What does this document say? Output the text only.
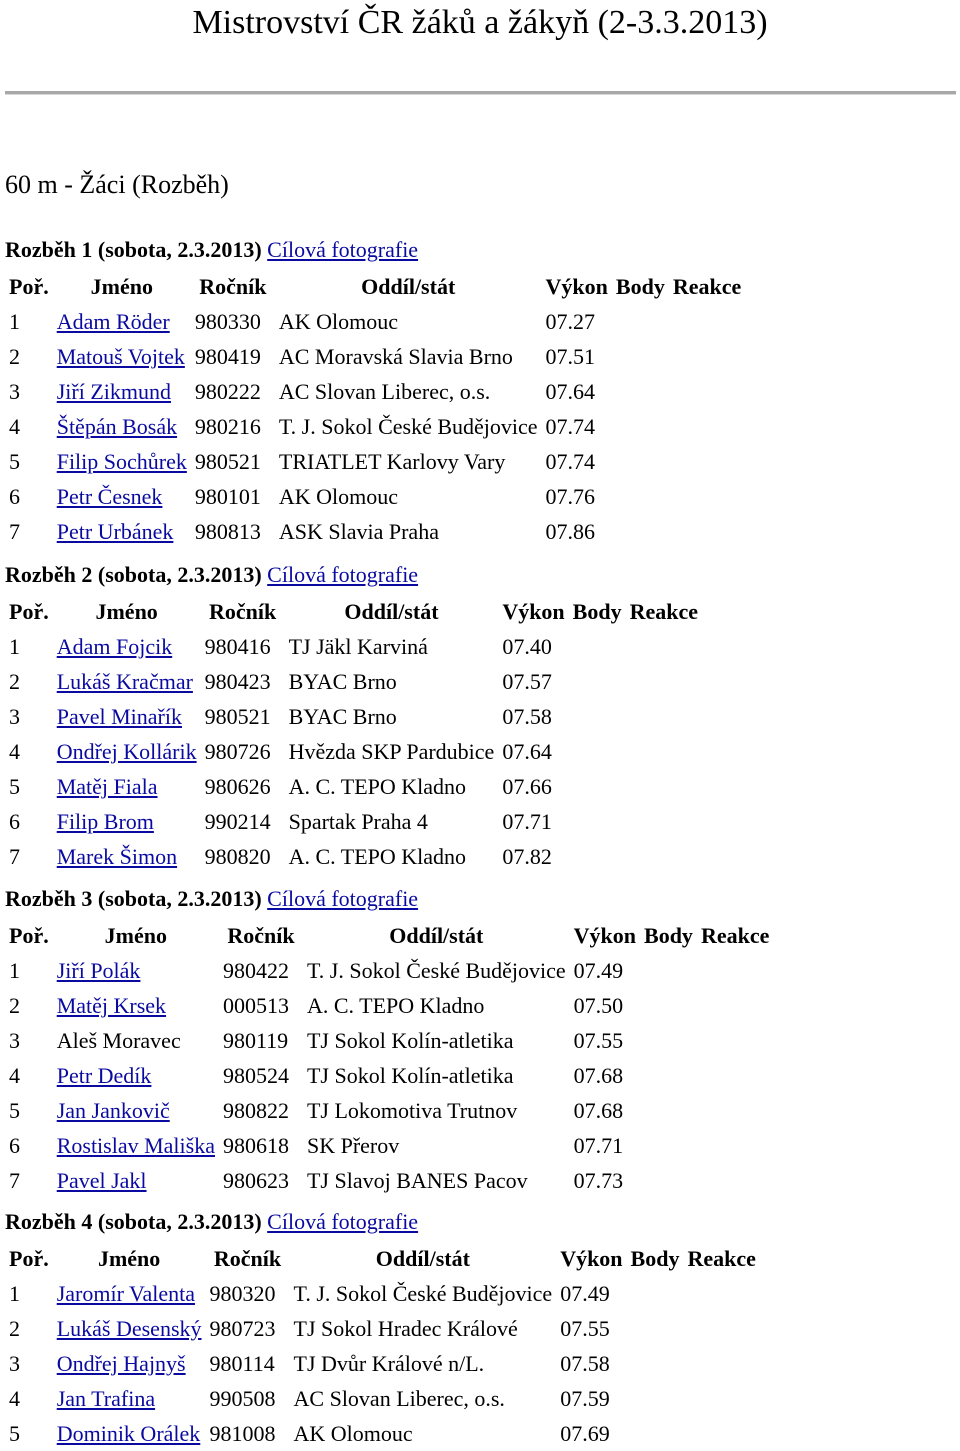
Mistrovství ČR žáků a žákyň (2-3.3.2013)
60 m - Žáci (Rozběh)
Rozběh 1 (sobota, 2.3.2013) Cílová fotografie
Poř.	Jméno	Ročník	Oddíl/stát	Výkon	Body	Reakce
1	Adam Röder	980330	AK Olomouc	07.27		
2	Matouš Vojtek	980419	AC Moravská Slavia Brno	07.51		
3	Jiří Zikmund	980222	AC Slovan Liberec, o.s.	07.64		
4	Štěpán Bosák	980216	T. J. Sokol České Budějovice	07.74		
5	Filip Sochůrek	980521	TRIATLET Karlovy Vary	07.74		
6	Petr Česnek	980101	AK Olomouc	07.76		
7	Petr Urbánek	980813	ASK Slavia Praha	07.86		
Rozběh 2 (sobota, 2.3.2013) Cílová fotografie
Poř.	Jméno	Ročník	Oddíl/stát	Výkon	Body	Reakce
1	Adam Fojcik	980416	TJ Jäkl Karviná	07.40		
2	Lukáš Kračmar	980423	BYAC Brno	07.57		
3	Pavel Minařík	980521	BYAC Brno	07.58		
4	Ondřej Kollárik	980726	Hvězda SKP Pardubice	07.64		
5	Matěj Fiala	980626	A. C. TEPO Kladno	07.66		
6	Filip Brom	990214	Spartak Praha 4	07.71		
7	Marek Šimon	980820	A. C. TEPO Kladno	07.82		
Rozběh 3 (sobota, 2.3.2013) Cílová fotografie
Poř.	Jméno	Ročník	Oddíl/stát	Výkon	Body	Reakce
1	Jiří Polák	980422	T. J. Sokol České Budějovice	07.49		
2	Matěj Krsek	000513	A. C. TEPO Kladno	07.50		
3	Aleš Moravec	980119	TJ Sokol Kolín-atletika	07.55		
4	Petr Dedík	980524	TJ Sokol Kolín-atletika	07.68		
5	Jan Jankovič	980822	TJ Lokomotiva Trutnov	07.68		
6	Rostislav Mališka	980618	SK Přerov	07.71		
7	Pavel Jakl	980623	TJ Slavoj BANES Pacov	07.73		
Rozběh 4 (sobota, 2.3.2013) Cílová fotografie
Poř.	Jméno	Ročník	Oddíl/stát	Výkon	Body	Reakce
1	Jaromír Valenta	980320	T. J. Sokol České Budějovice	07.49		
2	Lukáš Desenský	980723	TJ Sokol Hradec Králové	07.55		
3	Ondřej Hajnyš	980114	TJ Dvůr Králové n/L.	07.58		
4	Jan Trafina	990508	AC Slovan Liberec, o.s.	07.59		
5	Dominik Orálek	981008	AK Olomouc	07.69		
